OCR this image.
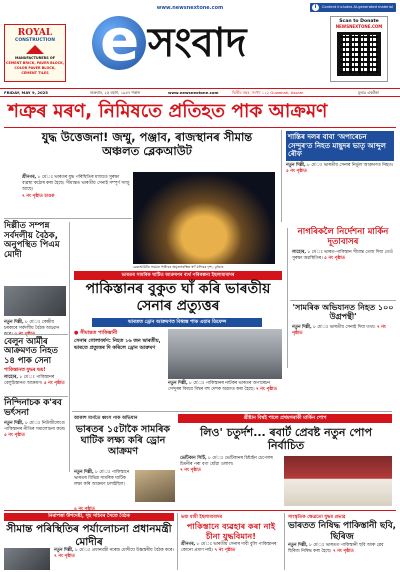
ROYAL
CONSTRUCTION
MANUFACTURERS OF
CEMENT BRICK, PAVER BLOCK,
COLOR PAVER BLOCK,
CEMENT TILES
www.newsnextone.com
e সংবাদ
i	Content includes AI-generated material
Scan to Donate
NEWSNEXTONE.COM
FRIDAY, MAY 9, 2025	শুক্ৰবাৰ, ২৫ বহাগ, ১৯৪৭ শকাব্দ	www.newsnextone.com	দ্বিতীয় বছৰ, সংখ্যা ১২২ Guwahati, Assam	মূল্যঃ একটকা
শত্ৰুৰ মৰণ, নিমিষতে প্ৰতিহত পাক আক্ৰমণ
যুদ্ধ উত্তেজনা! জম্মু, পঞ্জাব, ৰাজস্থানৰ সীমান্ত অঞ্চলত ব্লেকআউট
শ্ৰীনগৰ, ৮ মে'ঃ ভাৰতৰ যুদ্ধ পৰিস্থিতিৰ মাজতে সুৰক্ষা ব্যৱস্থা কঠোৰ কৰা হৈছে। সীমান্তত ভাৰতীয় সেনাই সম্পূৰ্ণ সাজু আছে।
৭ নং পৃষ্ঠাত চাওক
ব্লেকআউটৰ সময়ত পঞ্জাবৰ অমৃতসৰস্থিত স্বৰ্ণ মন্দিৰৰ দৃশ্য, বুধবাৰ
শান্তিৰ দলৰ বাবা 'অপাৰেচন সেন্দুৰ'ত নিহত মাছুদৰ ভাতৃ আব্দুল ৰৌফ
নতুন দিল্লী, ৮ মে'ঃ ভাৰতীয় সেনাৰ নিৰ্ভুল আক্ৰমণত নিহত। ৫ নং পৃষ্ঠাত
দিল্লীত সম্পন্ন সৰ্বদলীয় বৈঠক, অনুপস্থিত পিএম মোদী
নতুন দিল্লী, ৮ মে'ঃ কেন্দ্ৰীয় চৰকাৰে সৰ্বদলীয় বৈঠক আহ্বান
ভাৰতৰ সামৰিক ঘাটিত আক্ৰমণৰ ব্যৰ্থ পৰিকল্পনা ইছলামাবাদৰ
পাকিস্তানৰ বুকুত ঘাঁ কৰি ভাৰতীয় সেনাৰ প্ৰত্যুত্তৰ
ভাৰতত ড্ৰোন আক্ৰমণত বিধ্বস্ত পাক এয়াৰ ডিফেন্স
● সীমান্তত পাকিস্তানী
সেনাৰ গোলাবৰ্ষণ: নিহত ১৬ জন ভাৰতীয়, ভাৰতে প্ৰত্যুত্তৰ দি কৰিলে ড্ৰোন আক্ৰমণ
নতুন দিল্লী, ৮ মে'ঃ পাকিস্তানৰ নাটকৰ ভাৰতৰ অপাৰেচন সেন্দুৰৰ বিষয়ে বিশ্বৰ বহু দেশক অৱগত কৰা হৈছে। ৭ নং পৃষ্ঠাত
নাগৰিকলৈ নিৰ্দেশনা মাৰ্কিন দূতাবাসৰ
লাহোৰ, ৮ মে'ঃ ভাৰত-পাকিস্তান সীমান্ত তেজ দিয়া তেওঁ সুৰক্ষা অৱস্থিতিৰ। ৫ নং পৃষ্ঠাত
'সামৰিক অভিযানত নিহত ১০০ উগ্ৰপন্থী'
নতুন দিল্লী, ৮ মে'ঃ ভাৰতীয় সেনাই দিয়া তথ্য। ৭ নং পৃষ্ঠাত
বেলুন আৰ্মীৰ আক্ৰমণত নিহত ১৪ পাক সেনা
পাকিস্তানত যুদ্ধৰ ভয়!
লাহোৰ, ৮ মে'ঃ পাকিস্তানৰ বেলুচিস্তানত আক্ৰমণ। ৫ নং পৃষ্ঠাত
আকাশ মাৰ্গতে ধ্বংস পাক অভিযান
ভাৰতৰ ১৫টাকৈ সামৰিক ঘাটিক লক্ষ্য কৰি ড্ৰোন আক্ৰমণ
নতুন দিল্লী, ৮ মে'ঃ পাকিস্তানে ভাৰতৰ বিভিন্ন সামৰিক ঘাটিক লক্ষ্য কৰি আক্ৰমণ চলাইছিল।
খ্ৰীষ্টান বিশ্বই পালে প্ৰথমগৰাকী মাৰ্কিন পোপ
লিও' চতুৰ্দশ... ৰবাৰ্ট প্ৰেবষ্ট নতুন পোপ নিৰ্বাচিত
ভেটিকান সিটি, ৮ মে'ঃ ভেটিকানৰ চিষ্টাইন চেপেলৰ চিমনীৰ পৰা বগা ধোঁৱা ওলাল।
৭ নং পৃষ্ঠাত
নিন্দিনাচক ক'ৰব ভৰ্ৎসনা
নতুন দিল্লী, ৮ মে'ঃ নিউজীলেণ্ডে পাকিস্তানৰ নীতিৰ সমালোচনা কৰে। ৫ নং পৃষ্ঠাত
নিৰাপত্তা উপদেষ্টা, গৃহ সচিবৰ সৈতে বৈঠক
সীমান্ত পৰিস্থিতিৰ পৰ্যালোচনা প্ৰধানমন্ত্ৰী মোদীৰ
নতুন দিল্লী, ৮ মে'ঃ প্ৰধানমন্ত্ৰী নৰেন্দ্ৰ মোদীয়ে উচ্চস্তৰীয় বৈঠক কৰে। ৭ নং পৃষ্ঠাত
ভয়া ধামী ইছলামাবাদৰ
পাকিস্তানে ব্যৱহাৰ কৰা নাই চীনা যুদ্ধবিমান!
শ্ৰীনগৰ, ৮ মে'ঃ ভাৰতীয় সেনাৰ দাবী বুলি পাকিস্তানৰ কোনো প্ৰমাণ নাই। ৭ নং পৃষ্ঠাত
সাংস্কৃতিক ক্ষেত্ৰতো যুদ্ধৰ প্ৰভাৱ
ভাৰতত নিষিদ্ধ পাকিস্তানী ছবি, ছিৰিজ
নতুন দিল্লী, ৮ মে'ঃ ভাৰতত পাকিস্তানী ছবি আৰু ৱেব ছিৰিজ নিষিদ্ধ কৰা হৈছে। ৭ নং পৃষ্ঠাত
